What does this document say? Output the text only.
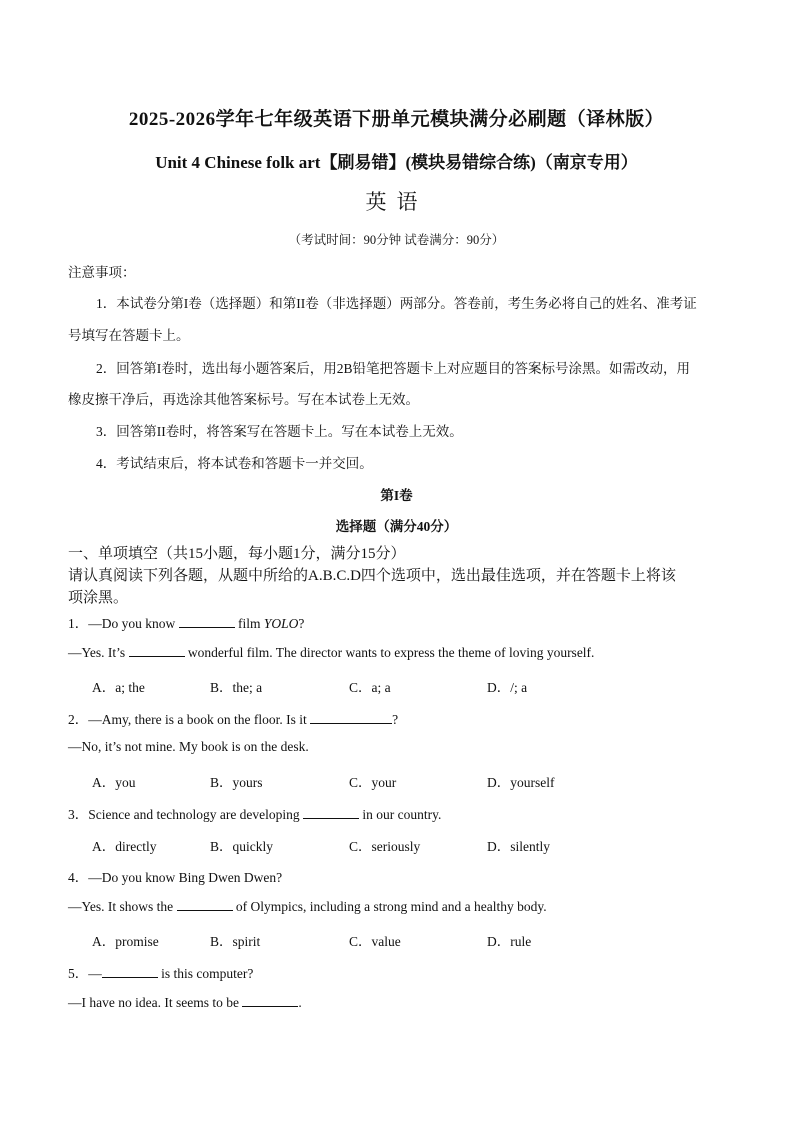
2025-2026学年七年级英语下册单元模块满分必刷题（译林版）
Unit 4 Chinese folk art【刷易错】(模块易错综合练)（南京专用）
英语
（考试时间：90分钟 试卷满分：90分）
注意事项：
1．本试卷分第I卷（选择题）和第II卷（非选择题）两部分。答卷前，考生务必将自己的姓名、准考证
号填写在答题卡上。
2．回答第I卷时，选出每小题答案后，用2B铅笔把答题卡上对应题目的答案标号涂黑。如需改动，用
橡皮擦干净后，再选涂其他答案标号。写在本试卷上无效。
3．回答第II卷时，将答案写在答题卡上。写在本试卷上无效。
4．考试结束后，将本试卷和答题卡一并交回。
第I卷
选择题（满分40分）
一、单项填空（共15小题，每小题1分，满分15分）
请认真阅读下列各题，从题中所给的A.B.C.D四个选项中，选出最佳选项，并在答题卡上将该
项涂黑。
1．—Do you know	film YOLO?
—Yes. It’s	wonderful film. The director wants to express the theme of loving yourself.
A．a; the	B．the; a	C．a; a	D．/; a
2．—Amy, there is a book on the floor. Is it	?
—No, it’s not mine. My book is on the desk.
A．you	B．yours	C．your	D．yourself
3．Science and technology are developing	in our country.
A．directly	B．quickly	C．seriously	D．silently
4．—Do you know Bing Dwen Dwen?
—Yes. It shows the	of Olympics, including a strong mind and a healthy body.
A．promise	B．spirit	C．value	D．rule
5．—	is this computer?
—I have no idea. It seems to be	.
